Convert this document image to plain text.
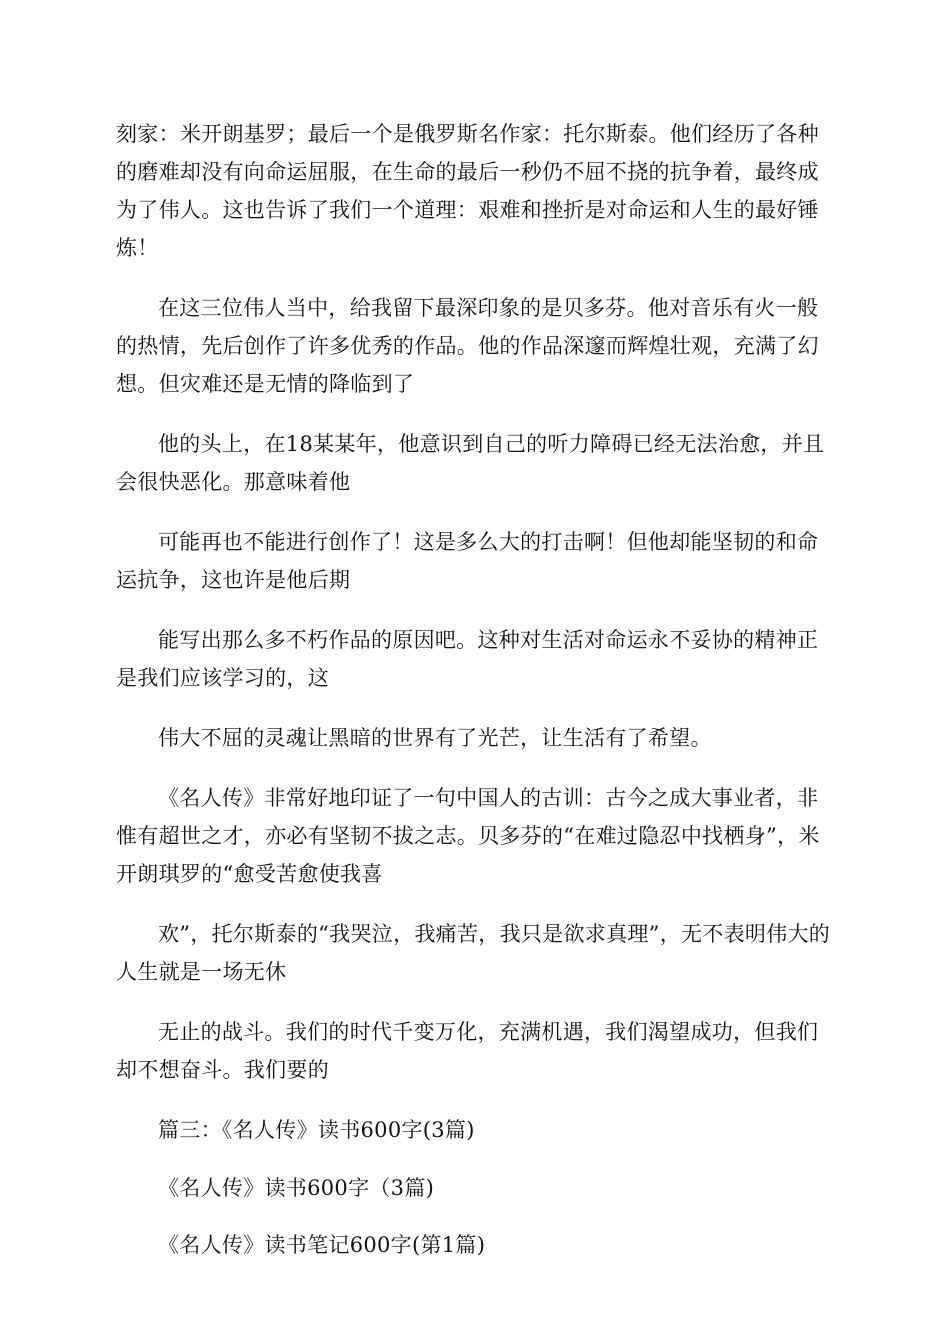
刻家：米开朗基罗；最后一个是俄罗斯名作家：托尔斯泰。他们经历了各种的磨难却没有向命运屈服，在生命的最后一秒仍不屈不挠的抗争着，最终成为了伟人。这也告诉了我们一个道理：艰难和挫折是对命运和人生的最好锤炼！

在这三位伟人当中，给我留下最深印象的是贝多芬。他对音乐有火一般的热情，先后创作了许多优秀的作品。他的作品深邃而辉煌壮观，充满了幻想。但灾难还是无情的降临到了

他的头上，在18某某年，他意识到自己的听力障碍已经无法治愈，并且会很快恶化。那意味着他

可能再也不能进行创作了！这是多么大的打击啊！但他却能坚韧的和命运抗争，这也许是他后期

能写出那么多不朽作品的原因吧。这种对生活对命运永不妥协的精神正是我们应该学习的，这

伟大不屈的灵魂让黑暗的世界有了光芒，让生活有了希望。

《名人传》非常好地印证了一句中国人的古训：古今之成大事业者，非惟有超世之才，亦必有坚韧不拔之志。贝多芬的“在难过隐忍中找栖身”，米开朗琪罗的“愈受苦愈使我喜

欢”，托尔斯泰的“我哭泣，我痛苦，我只是欲求真理”，无不表明伟大的人生就是一场无休

无止的战斗。我们的时代千变万化，充满机遇，我们渴望成功，但我们却不想奋斗。我们要的

篇三：《名人传》读书600字(3篇)

《名人传》读书600字（3篇)

《名人传》读书笔记600字(第1篇)
